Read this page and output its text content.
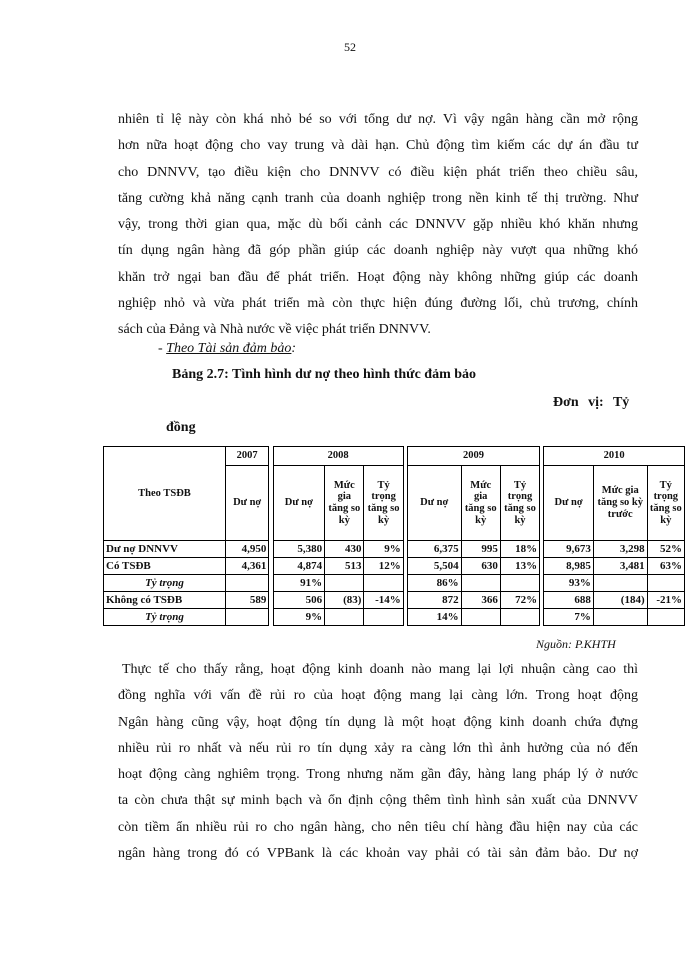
52
nhiên tỉ lệ này còn khá nhỏ bé so với tổng dư nợ. Vì vậy ngân hàng cần mở rộng
hơn nữa hoạt động cho vay trung và dài hạn. Chủ động tìm kiếm các dự án đầu tư
cho DNNVV, tạo điều kiện cho DNNVV có điều kiện phát triển theo chiều sâu,
tăng cường khả năng cạnh tranh của doanh nghiệp trong nền kinh tế thị trường. Như
vậy, trong thời gian qua, mặc dù bối cảnh các DNNVV gặp nhiều khó khăn nhưng
tín dụng ngân hàng đã góp phần giúp các doanh nghiệp này vượt qua những khó
khăn trở ngại ban đầu để phát triển. Hoạt động này không những giúp các doanh
nghiệp nhỏ và vừa phát triển mà còn thực hiện đúng đường lối, chủ trương, chính
sách của Đảng và Nhà nước về việc phát triển DNNVV.
- Theo Tài sản đảm bảo:
Bảng 2.7: Tình hình dư nợ theo hình thức đảm bảo
Đơn vị: Tỷ
đồng
Theo TSĐB	2007		2008				2009				2010		
	Dư nợ		Dư nợ	Mức gia tăng so kỳ	Tỷ trọng tăng so kỳ		Dư nợ	Mức gia tăng so kỳ	Tỷ trọng tăng so kỳ		Dư nợ	Mức gia tăng so kỳ trước	Tỷ trọng tăng so kỳ
Dư nợ DNNVV	4,950		5,380	430	9%		6,375	995	18%		9,673	3,298	52%
Có TSĐB	4,361		4,874	513	12%		5,504	630	13%		8,985	3,481	63%
Tỷ trọng			91%				86%				93%		
Không có TSĐB	589		506	(83)	-14%		872	366	72%		688	(184)	-21%
Tỷ trọng			9%				14%				7%		
Nguồn: P.KHTH
Thực tế cho thấy rằng, hoạt động kinh doanh nào mang lại lợi nhuận càng cao thì
đồng nghĩa với vấn đề rủi ro của hoạt động mang lại càng lớn. Trong hoạt động
Ngân hàng cũng vậy, hoạt động tín dụng là một hoạt động kinh doanh chứa đựng
nhiều rủi ro nhất và nếu rủi ro tín dụng xảy ra càng lớn thì ảnh hưởng của nó đến
hoạt động càng nghiêm trọng. Trong nhưng năm gần đây, hàng lang pháp lý ở nước
ta còn chưa thật sự minh bạch và ổn định cộng thêm tình hình sản xuất của DNNVV
còn tiềm ẩn nhiều rủi ro cho ngân hàng, cho nên tiêu chí hàng đầu hiện nay của các
ngân hàng trong đó có VPBank là các khoản vay phải có tài sản đảm bảo. Dư nợ
